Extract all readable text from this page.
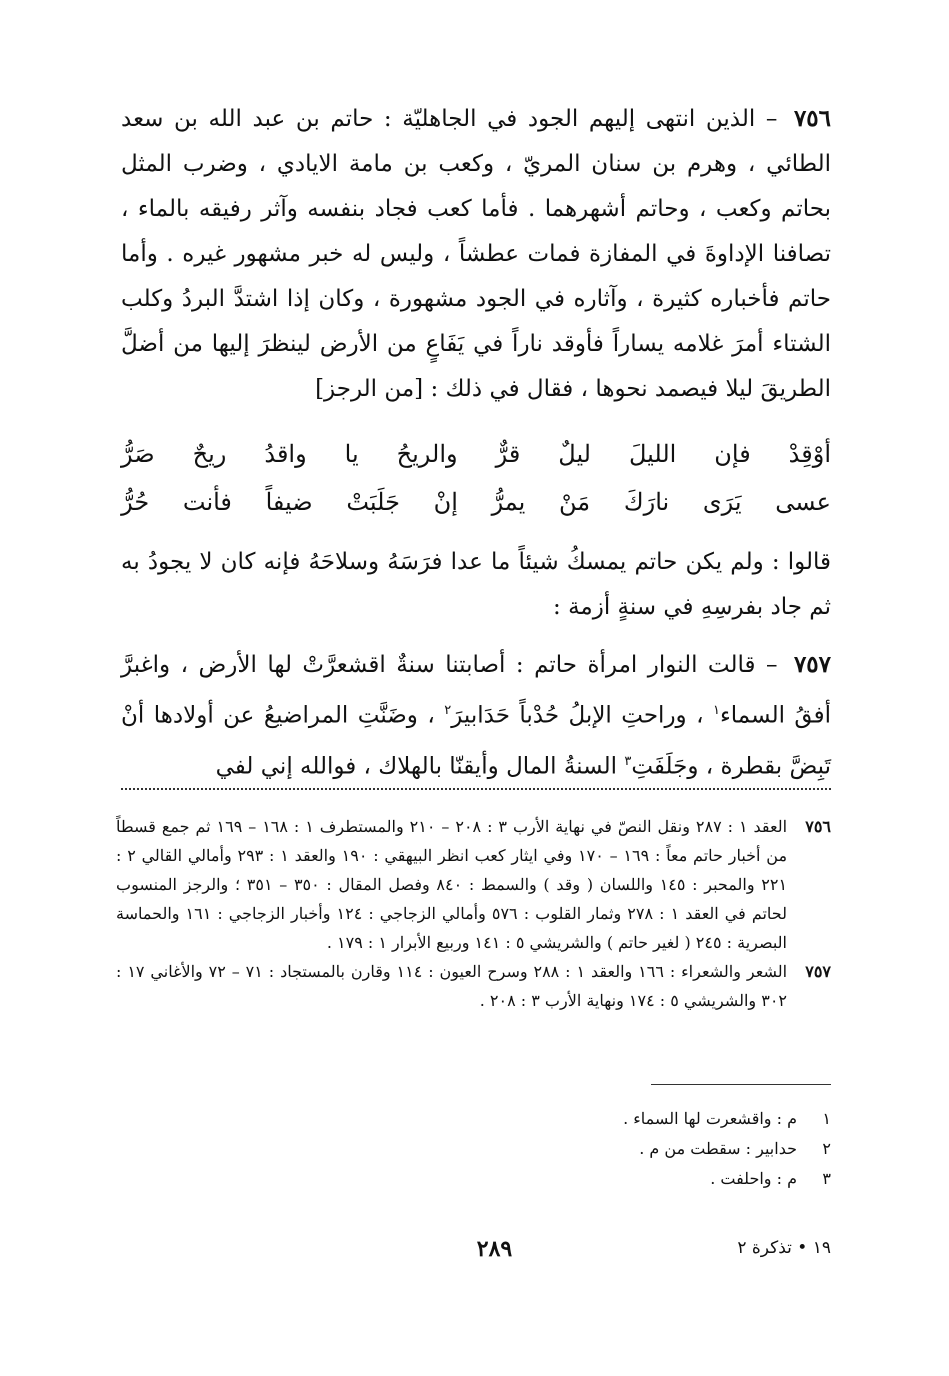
٧٥٦ – الذين انتهى إليهم الجود في الجاهليّة : حاتم بن عبد الله بن سعد الطائي ، وهرم بن سنان المريّ ، وكعب بن مامة الايادي ، وضرب المثل بحاتم وكعب ، وحاتم أشهرهما . فأما كعب فجاد بنفسه وآثر رفيقه بالماء ، تصافنا الإداوةَ في المفازة فمات عطشاً ، وليس له خبر مشهور غيره . وأما حاتم فأخباره كثيرة ، وآثاره في الجود مشهورة ، وكان إذا اشتدَّ البردُ وكلب الشتاء أمرَ غلامه يساراً فأوقد ناراً في يَفَاعٍ من الأرض لينظرَ إليها من أضلَّ الطريقَ ليلا فيصمد نحوها ، فقال في ذلك : [من الرجز]
أوْقِدْ
فإن
الليلَ
ليلٌ
قرٌّ
والريحُ
يا
واقدُ
ريحٌ
صَرُّ
عسى
يَرَى
نارَكَ
مَنْ
يمرُّ
إنْ
جَلَبَتْ
ضيفاً
فأنت
حُرُّ
قالوا : ولم يكن حاتم يمسكُ شيئاً ما عدا فرَسَهُ وسلاحَهُ فإنه كان لا يجودُ به ثم جاد بفرسِهِ في سنةٍ أزمة :
٧٥٧ – قالت النوار امرأة حاتم : أصابتنا سنةٌ اقشعرَّتْ لها الأرض ، واغبرَّ أفقُ السماء$^١$ ، وراحتِ الإبلُ حُدْباً حَدَابيرَ$^٢$ ، وضَنَّتِ المراضيعُ عن أولادها أنْ تَبِضَّ بقطرة ، وجَلَفَتِ$^٣$ السنةُ المال وأيقنّا بالهلاك ، فوالله إني لفي
٧٥٦
العقد ١ : ٢٨٧ ونقل النصّ في نهاية الأرب ٣ : ٢٠٨ – ٢١٠ والمستطرف ١ : ١٦٨ – ١٦٩ ثم جمع قسطاً من أخبار حاتم معاً : ١٦٩ – ١٧٠ وفي ايثار كعب انظر البيهقي : ١٩٠ والعقد ١ : ٢٩٣ وأمالي القالي ٢ : ٢٢١ والمحبر : ١٤٥ واللسان ( وقد ) والسمط : ٨٤٠ وفصل المقال : ٣٥٠ – ٣٥١ ؛ والرجز المنسوب لحاتم في العقد ١ : ٢٧٨ وثمار القلوب : ٥٧٦ وأمالي الزجاجي : ١٢٤ وأخبار الزجاجي : ١٦١ والحماسة البصرية : ٢٤٥ ( لغير حاتم ) والشريشي ٥ : ١٤١ وربيع الأبرار ١ : ١٧٩ .
٧٥٧
الشعر والشعراء : ١٦٦ والعقد ١ : ٢٨٨ وسرح العيون : ١١٤ وقارن بالمستجاد : ٧١ – ٧٢ والأغاني ١٧ : ٣٠٢ والشريشي ٥ : ١٧٤ ونهاية الأرب ٣ : ٢٠٨ .
١
م : واقشعرت لها السماء .
٢
حدابير : سقطت من م .
٣
م : واحلفت .
٢٨٩	١٩ • تذكرة ٢
